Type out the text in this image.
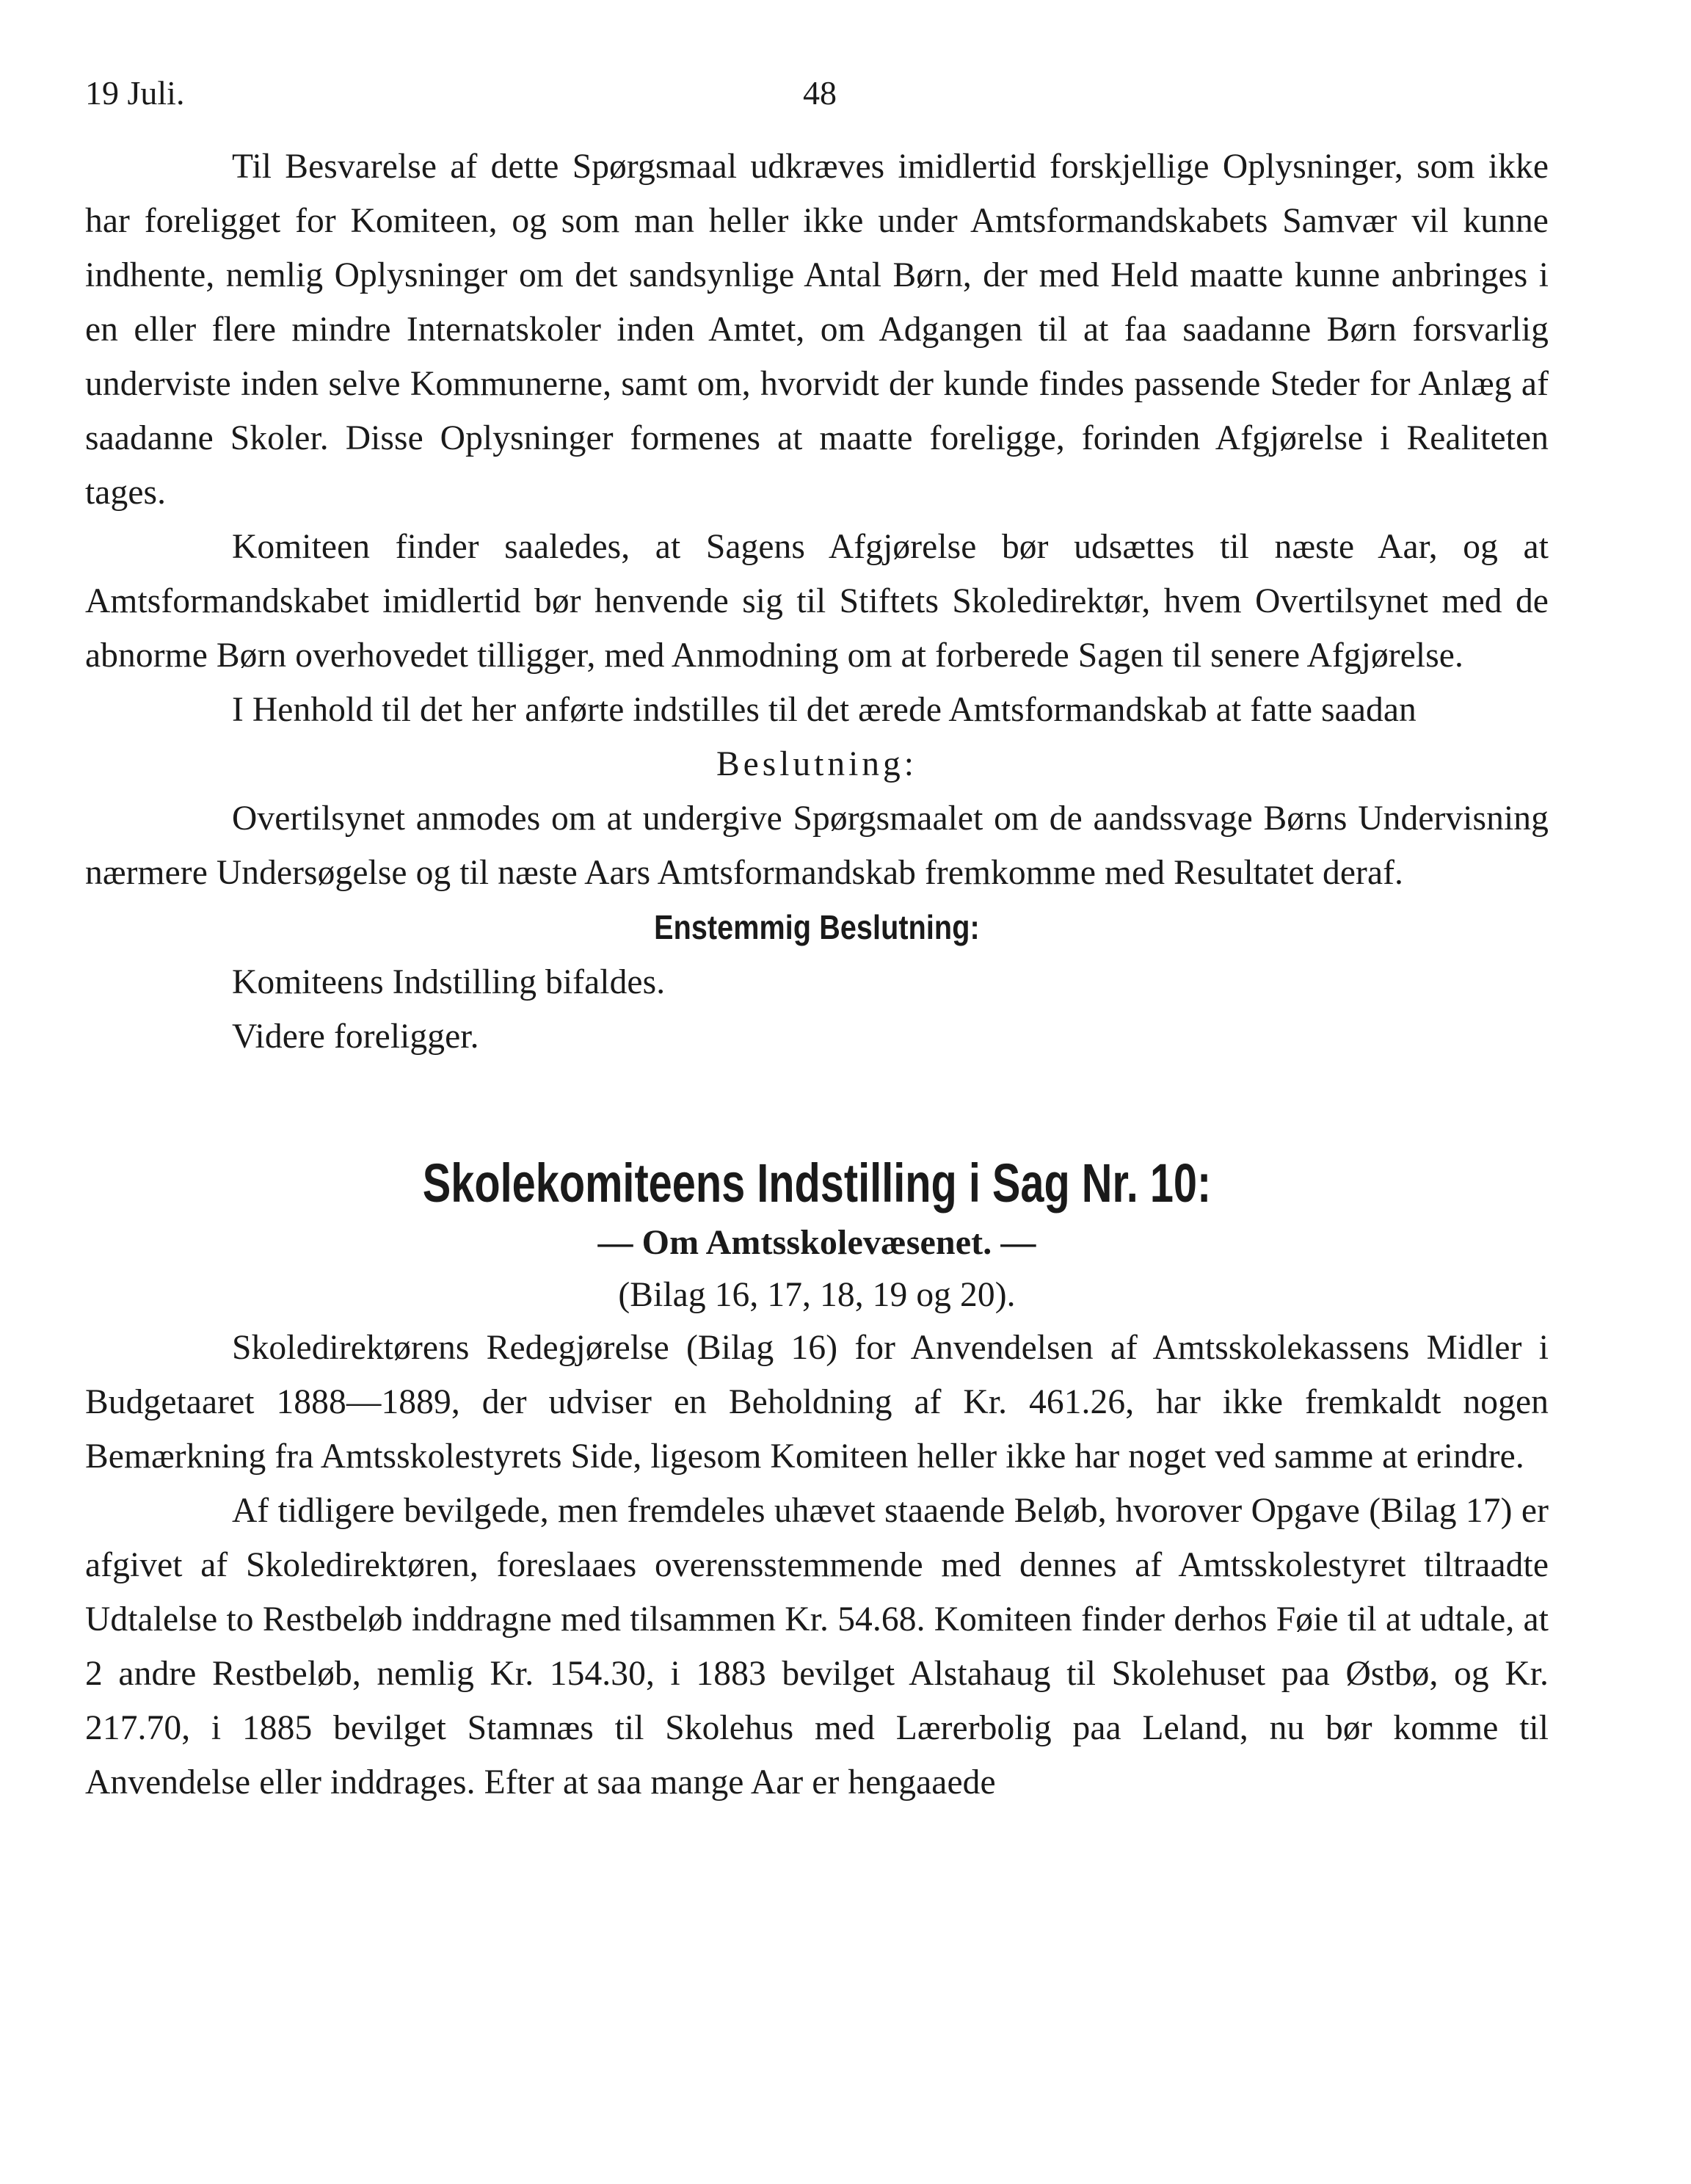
19 Juli.	48

Til Besvarelse af dette Spørgsmaal udkræves imidlertid forskjellige Oplysninger, som ikke har foreligget for Komiteen, og som man heller ikke under Amtsformandskabets Samvær vil kunne indhente, nemlig Oplysninger om det sandsynlige Antal Børn, der med Held maatte kunne anbringes i en eller flere mindre Internatskoler inden Amtet, om Adgangen til at faa saadanne Børn forsvarlig underviste inden selve Kommunerne, samt om, hvorvidt der kunde findes passende Steder for Anlæg af saadanne Skoler. Disse Oplysninger formenes at maatte foreligge, forinden Afgjørelse i Realiteten tages.

Komiteen finder saaledes, at Sagens Afgjørelse bør udsættes til næste Aar, og at Amtsformandskabet imidlertid bør henvende sig til Stiftets Skoledirektør, hvem Overtilsynet med de abnorme Børn overhovedet tilligger, med Anmodning om at forberede Sagen til senere Afgjørelse.

I Henhold til det her anførte indstilles til det ærede Amtsformandskab at fatte saadan

Beslutning:

Overtilsynet anmodes om at undergive Spørgsmaalet om de aandssvage Børns Undervisning nærmere Undersøgelse og til næste Aars Amtsformandskab fremkomme med Resultatet deraf.

Enstemmig Beslutning:

Komiteens Indstilling bifaldes.

Videre foreligger.

Skolekomiteens Indstilling i Sag Nr. 10:
— Om Amtsskolevæsenet. —
(Bilag 16, 17, 18, 19 og 20).

Skoledirektørens Redegjørelse (Bilag 16) for Anvendelsen af Amtsskolekassens Midler i Budgetaaret 1888—1889, der udviser en Beholdning af Kr. 461.26, har ikke fremkaldt nogen Bemærkning fra Amtsskolestyrets Side, ligesom Komiteen heller ikke har noget ved samme at erindre.

Af tidligere bevilgede, men fremdeles uhævet staaende Beløb, hvorover Opgave (Bilag 17) er afgivet af Skoledirektøren, foreslaaes overensstemmende med dennes af Amtsskolestyret tiltraadte Udtalelse to Restbeløb inddragne med tilsammen Kr. 54.68. Komiteen finder derhos Føie til at udtale, at 2 andre Restbeløb, nemlig Kr. 154.30, i 1883 bevilget Alstahaug til Skolehuset paa Østbø, og Kr. 217.70, i 1885 bevilget Stamnæs til Skolehus med Lærerbolig paa Leland, nu bør komme til Anvendelse eller inddrages. Efter at saa mange Aar er hengaaede
